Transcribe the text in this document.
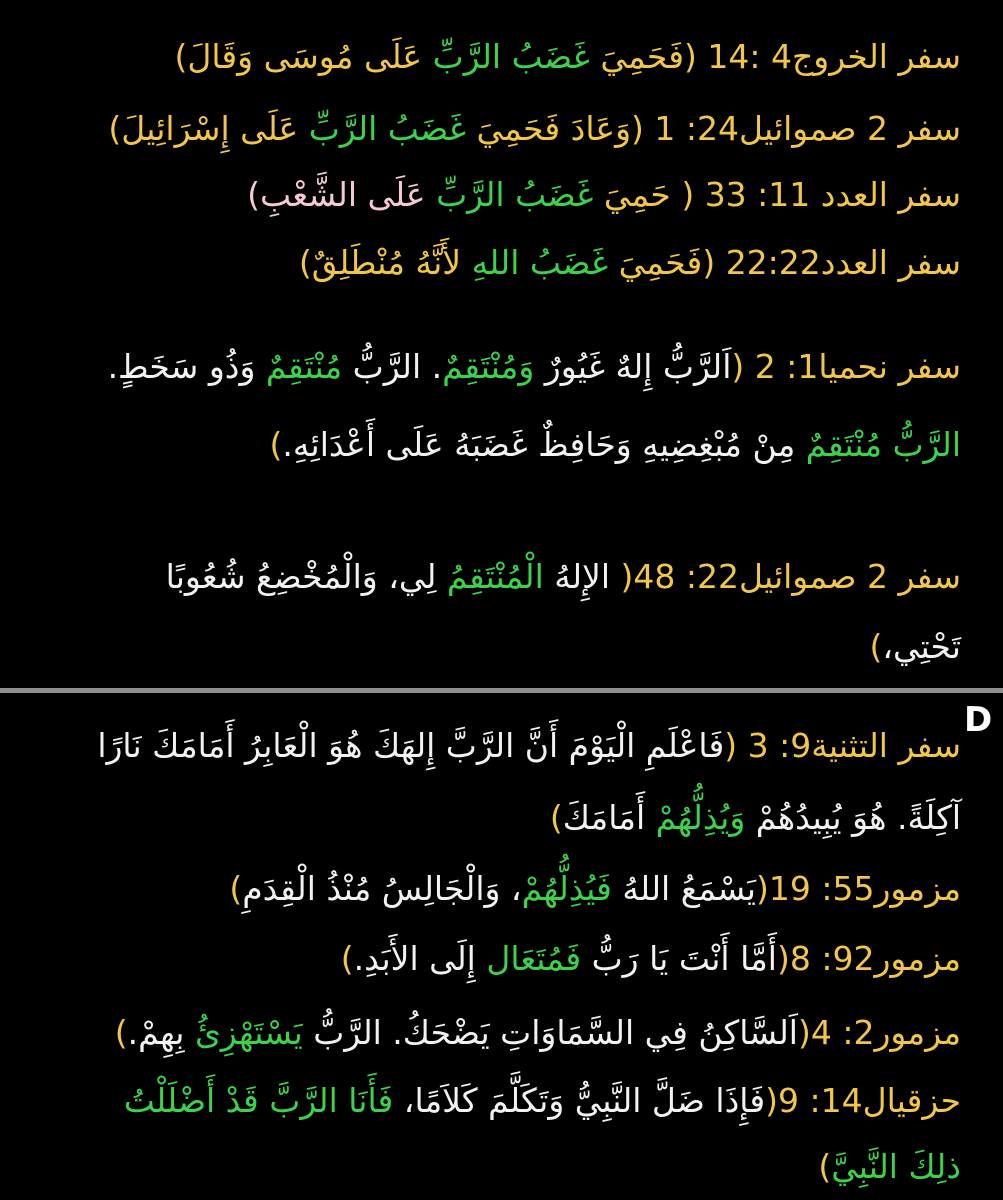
سفر الخروج4 :14 (فَحَمِيَ غَضَبُ الرَّبِّ عَلَى مُوسَى وَقَالَ)
سفر 2 صموائيل24: 1 (وَعَادَ فَحَمِيَ غَضَبُ الرَّبِّ عَلَى إِسْرَائِيلَ)
سفر العدد 11: 33 ( حَمِيَ غَضَبُ الرَّبِّ عَلَى الشَّعْبِ)
سفر العدد22:22 (فَحَمِيَ غَضَبُ اللهِ لأَنَّهُ مُنْطَلِقٌ)
سفر نحميا1: 2 (اَلرَّبُّ إِلهٌ غَيُورٌ وَمُنْتَقِمٌ. الرَّبُّ مُنْتَقِمٌ وَذُو سَخَطٍ.
الرَّبُّ مُنْتَقِمٌ مِنْ مُبْغِضِيهِ وَحَافِظٌ غَضَبَهُ عَلَى أَعْدَائِهِ.)
سفر 2 صموائيل22: 48( الإِلهُ الْمُنْتَقِمُ لِي، وَالْمُخْضِعُ شُعُوبًا
تَحْتِي،)
سفر التثنية9: 3 (فَاعْلَمِ الْيَوْمَ أَنَّ الرَّبَّ إِلهَكَ هُوَ الْعَابِرُ أَمَامَكَ نَارًا
آكِلَةً. هُوَ يُبِيدُهُمْ وَيُذِلُّهُمْ أَمَامَكَ)
مزمور55: 19(يَسْمَعُ اللهُ فَيُذِلُّهُمْ، وَالْجَالِسُ مُنْذُ الْقِدَمِ)
مزمور92: 8(أَمَّا أَنْتَ يَا رَبُّ فَمُتَعَال إِلَى الأَبَدِ.)
مزمور2: 4(اَلسَّاكِنُ فِي السَّمَاوَاتِ يَضْحَكُ. الرَّبُّ يَسْتَهْزِئُ بِهِمْ.)
حزقيال14: 9(فَإِذَا ضَلَّ النَّبِيُّ وَتَكَلَّمَ كَلاَمًا، فَأَنَا الرَّبَّ قَدْ أَضْلَلْتُ
ذلِكَ النَّبِيَّ)
D
